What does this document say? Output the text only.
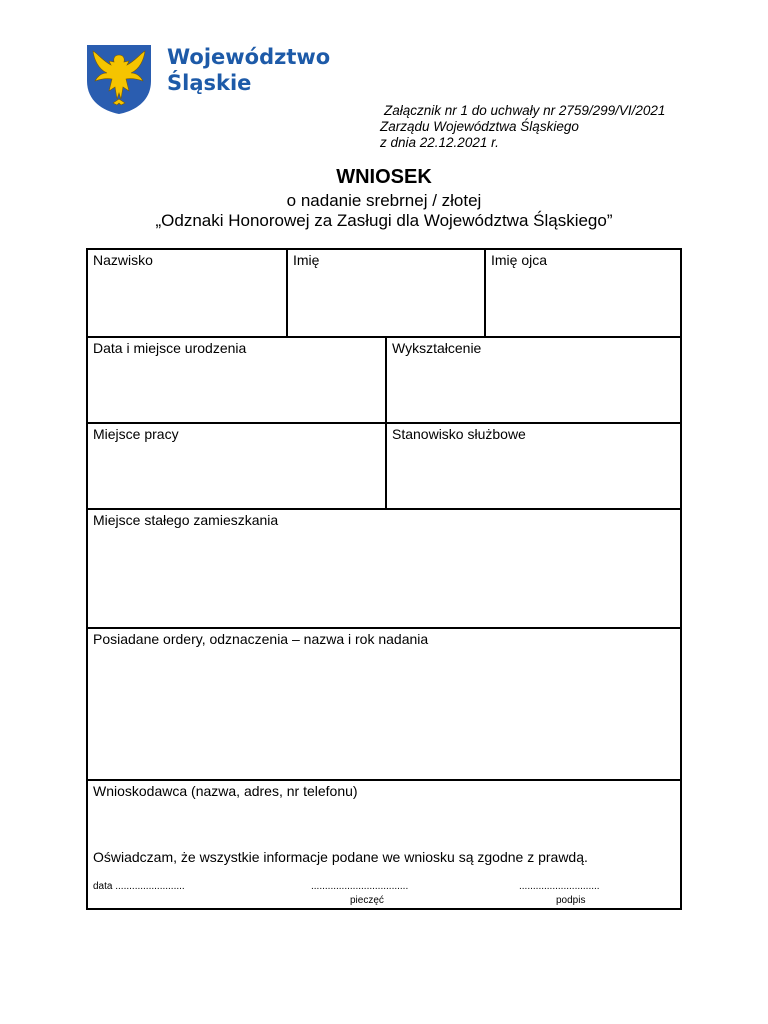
Województwo
Śląskie
Załącznik nr 1 do uchwały nr 2759/299/VI/2021
Zarządu Województwa Śląskiego
z dnia 22.12.2021 r.
WNIOSEK
o nadanie srebrnej / złotej
„Odznaki Honorowej za Zasługi dla Województwa Śląskiego”
Nazwisko	Imię	Imię ojca
Data i miejsce urodzenia	Wykształcenie
Miejsce pracy	Stanowisko służbowe
Miejsce stałego zamieszkania
Posiadane ordery, odznaczenia – nazwa i rok nadania
Wnioskodawca (nazwa, adres, nr telefonu)
Oświadczam, że wszystkie informacje podane we wniosku są zgodne z prawdą.
data .........................	...................................	.............................
pieczęć	podpis
